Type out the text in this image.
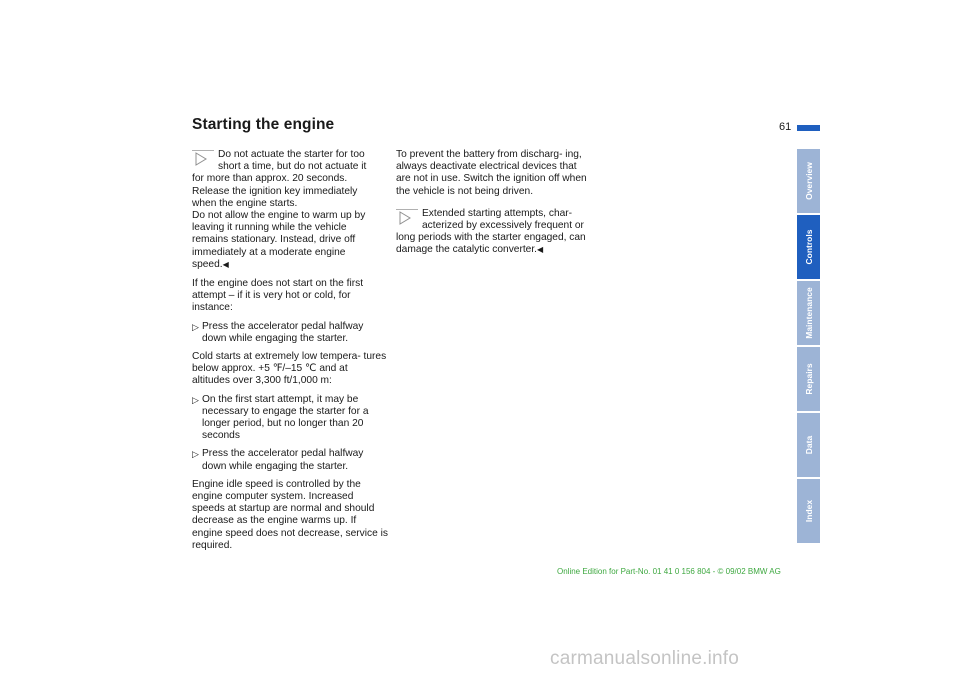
Starting the engine	61
Do not actuate the starter for too
short a time, but do not actuate it
for more than approx. 20 seconds.
Release the ignition key immediately
when the engine starts.
Do not allow the engine to warm up by
leaving it running while the vehicle
remains stationary. Instead, drive off
immediately at a moderate engine
speed.◀

If the engine does not start on the first attempt – if it is very hot or cold, for instance:

▷ Press the accelerator pedal halfway down while engaging the starter.

Cold starts at extremely low tempera- tures below approx. +5 ℉/–15 ℃ and at altitudes over 3,300 ft/1,000 m:

▷ On the first start attempt, it may be necessary to engage the starter for a longer period, but no longer than 20 seconds
▷ Press the accelerator pedal halfway down while engaging the starter.

Engine idle speed is controlled by the engine computer system. Increased speeds at startup are normal and should decrease as the engine warms up. If engine speed does not decrease, service is required.

To prevent the battery from discharg- ing, always deactivate electrical devices that are not in use. Switch the ignition off when the vehicle is not being driven.

Extended starting attempts, char- acterized by excessively frequent or long periods with the starter engaged, can damage the catalytic converter.◀
Overview
Controls
Maintenance
Repairs
Data
Index
Online Edition for Part-No. 01 41 0 156 804 - © 09/02 BMW AG
carmanualsonline.info
